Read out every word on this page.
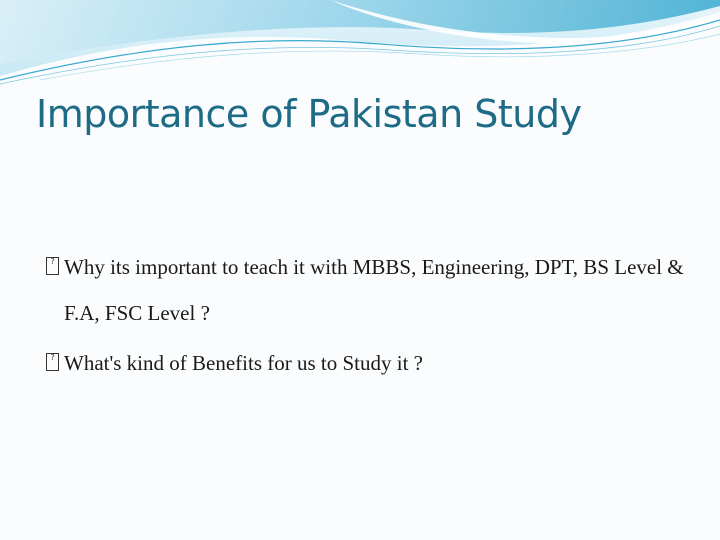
Importance of Pakistan Study
? Why its important to teach it with MBBS, Engineering, DPT, BS Level & F.A, FSC Level ?
? What's kind of Benefits for us to Study it ?
